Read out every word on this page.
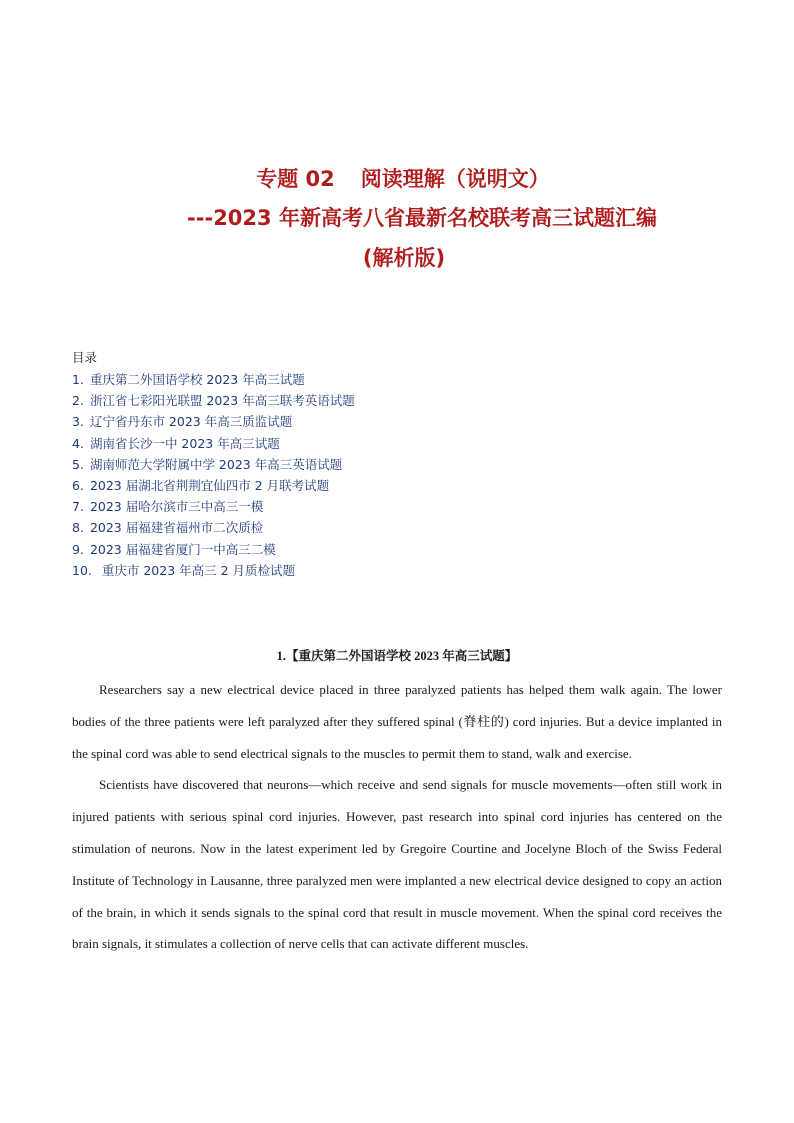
专题 02 阅读理解（说明文）
---2023 年新高考八省最新名校联考高三试题汇编
(解析版)
目录
1. 重庆第二外国语学校 2023 年高三试题
2. 浙江省七彩阳光联盟 2023 年高三联考英语试题
3. 辽宁省丹东市 2023 年高三质监试题
4. 湖南省长沙一中 2023 年高三试题
5. 湖南师范大学附属中学 2023 年高三英语试题
6. 2023 届湖北省荆荆宜仙四市 2 月联考试题
7. 2023 届哈尔滨市三中高三一模
8. 2023 届福建省福州市二次质检
9. 2023 届福建省厦门一中高三二模
10. 重庆市 2023 年高三 2 月质检试题
1.【重庆第二外国语学校 2023 年高三试题】

Researchers say a new electrical device placed in three paralyzed patients has helped them walk again. The lower bodies of the three patients were left paralyzed after they suffered spinal (脊柱的) cord injuries. But a device implanted in the spinal cord was able to send electrical signals to the muscles to permit them to stand, walk and exercise.

Scientists have discovered that neurons—which receive and send signals for muscle movements—often still work in injured patients with serious spinal cord injuries. However, past research into spinal cord injuries has centered on the stimulation of neurons. Now in the latest experiment led by Gregoire Courtine and Jocelyne Bloch of the Swiss Federal Institute of Technology in Lausanne, three paralyzed men were implanted a new electrical device designed to copy an action of the brain, in which it sends signals to the spinal cord that result in muscle movement. When the spinal cord receives the brain signals, it stimulates a collection of nerve cells that can activate different muscles.
